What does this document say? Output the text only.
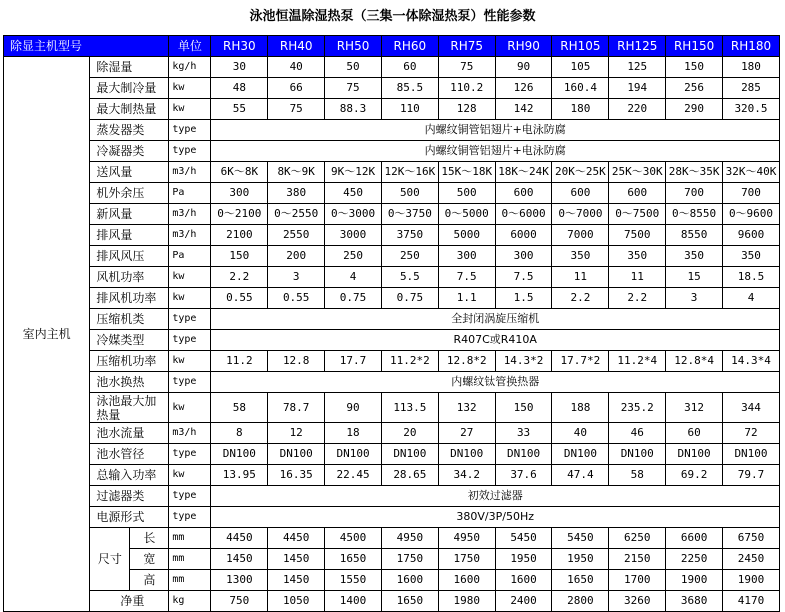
泳池恒温除湿热泵（三集一体除湿热泵）性能参数
除显主机型号			单位	RH30	RH40	RH50	RH60	RH75	RH90	RH105	RH125	RH150	RH180
室内主机	除湿量		kg/h	30	40	50	60	75	90	105	125	150	180
	最大制冷量		kw	48	66	75	85.5	110.2	126	160.4	194	256	285
	最大制热量		kw	55	75	88.3	110	128	142	180	220	290	320.5
	蒸发器类		type	内螺纹铜管铝翅片+电泳防腐									
	冷凝器类		type	内螺纹铜管铝翅片+电泳防腐									
	送风量		m3/h	6K～8K	8K～9K	9K～12K	12K～16K	15K～18K	18K～24K	20K～25K	25K～30K	28K～35K	32K～40K
	机外余压		Pa	300	380	450	500	500	600	600	600	700	700
	新风量		m3/h	0～2100	0～2550	0～3000	0～3750	0～5000	0～6000	0～7000	0～7500	0～8550	0～9600
	排风量		m3/h	2100	2550	3000	3750	5000	6000	7000	7500	8550	9600
	排风风压		Pa	150	200	250	250	300	300	350	350	350	350
	风机功率		kw	2.2	3	4	5.5	7.5	7.5	11	11	15	18.5
	排风机功率		kw	0.55	0.55	0.75	0.75	1.1	1.5	2.2	2.2	3	4
	压缩机类		type	全封闭涡旋压缩机									
	冷媒类型		type	R407C或R410A									
	压缩机功率		kw	11.2	12.8	17.7	11.2*2	12.8*2	14.3*2	17.7*2	11.2*4	12.8*4	14.3*4
	池水换热		type	内螺纹钛管换热器									
	泳池最大加热量		kw	58	78.7	90	113.5	132	150	188	235.2	312	344
	池水流量		m3/h	8	12	18	20	27	33	40	46	60	72
	池水管径		type	DN100	DN100	DN100	DN100	DN100	DN100	DN100	DN100	DN100	DN100
	总输入功率		kw	13.95	16.35	22.45	28.65	34.2	37.6	47.4	58	69.2	79.7
	过滤器类		type	初效过滤器									
	电源形式		type	380V/3P/50Hz									
	尺寸	长	mm	4450	4450	4500	4950	4950	5450	5450	6250	6600	6750
		宽	mm	1450	1450	1650	1750	1750	1950	1950	2150	2250	2450
		高	mm	1300	1450	1550	1600	1600	1600	1650	1700	1900	1900
	净重		kg	750	1050	1400	1650	1980	2400	2800	3260	3680	4170
